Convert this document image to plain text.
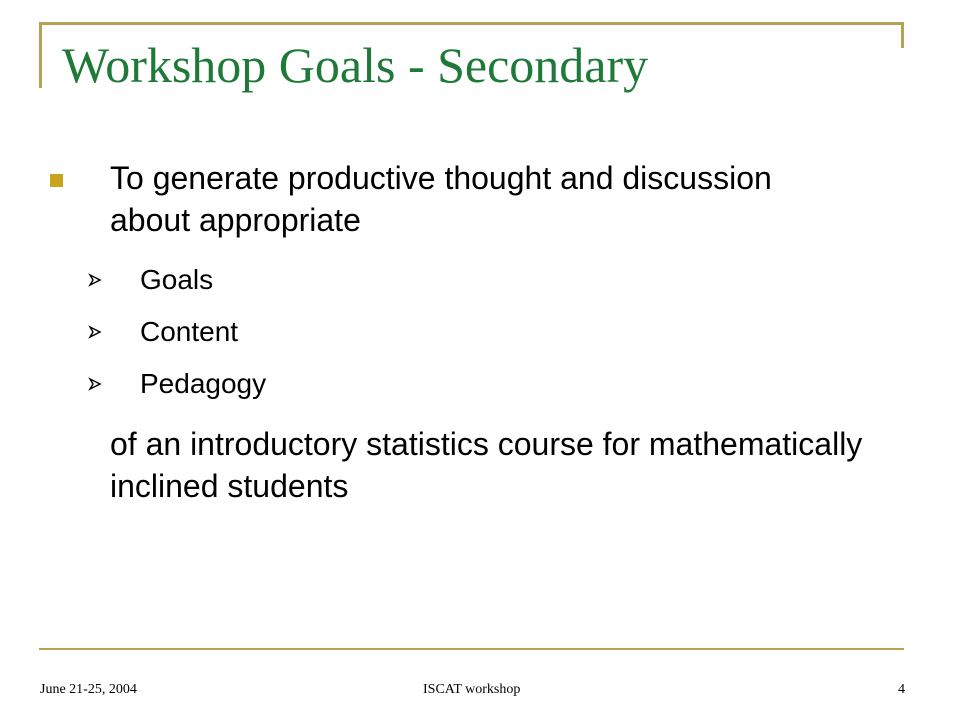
Workshop Goals - Secondary

To generate productive thought and discussion about appropriate

Goals
Content
Pedagogy

of an introductory statistics course for mathematically inclined students

June 21-25, 2004	ISCAT workshop	4
